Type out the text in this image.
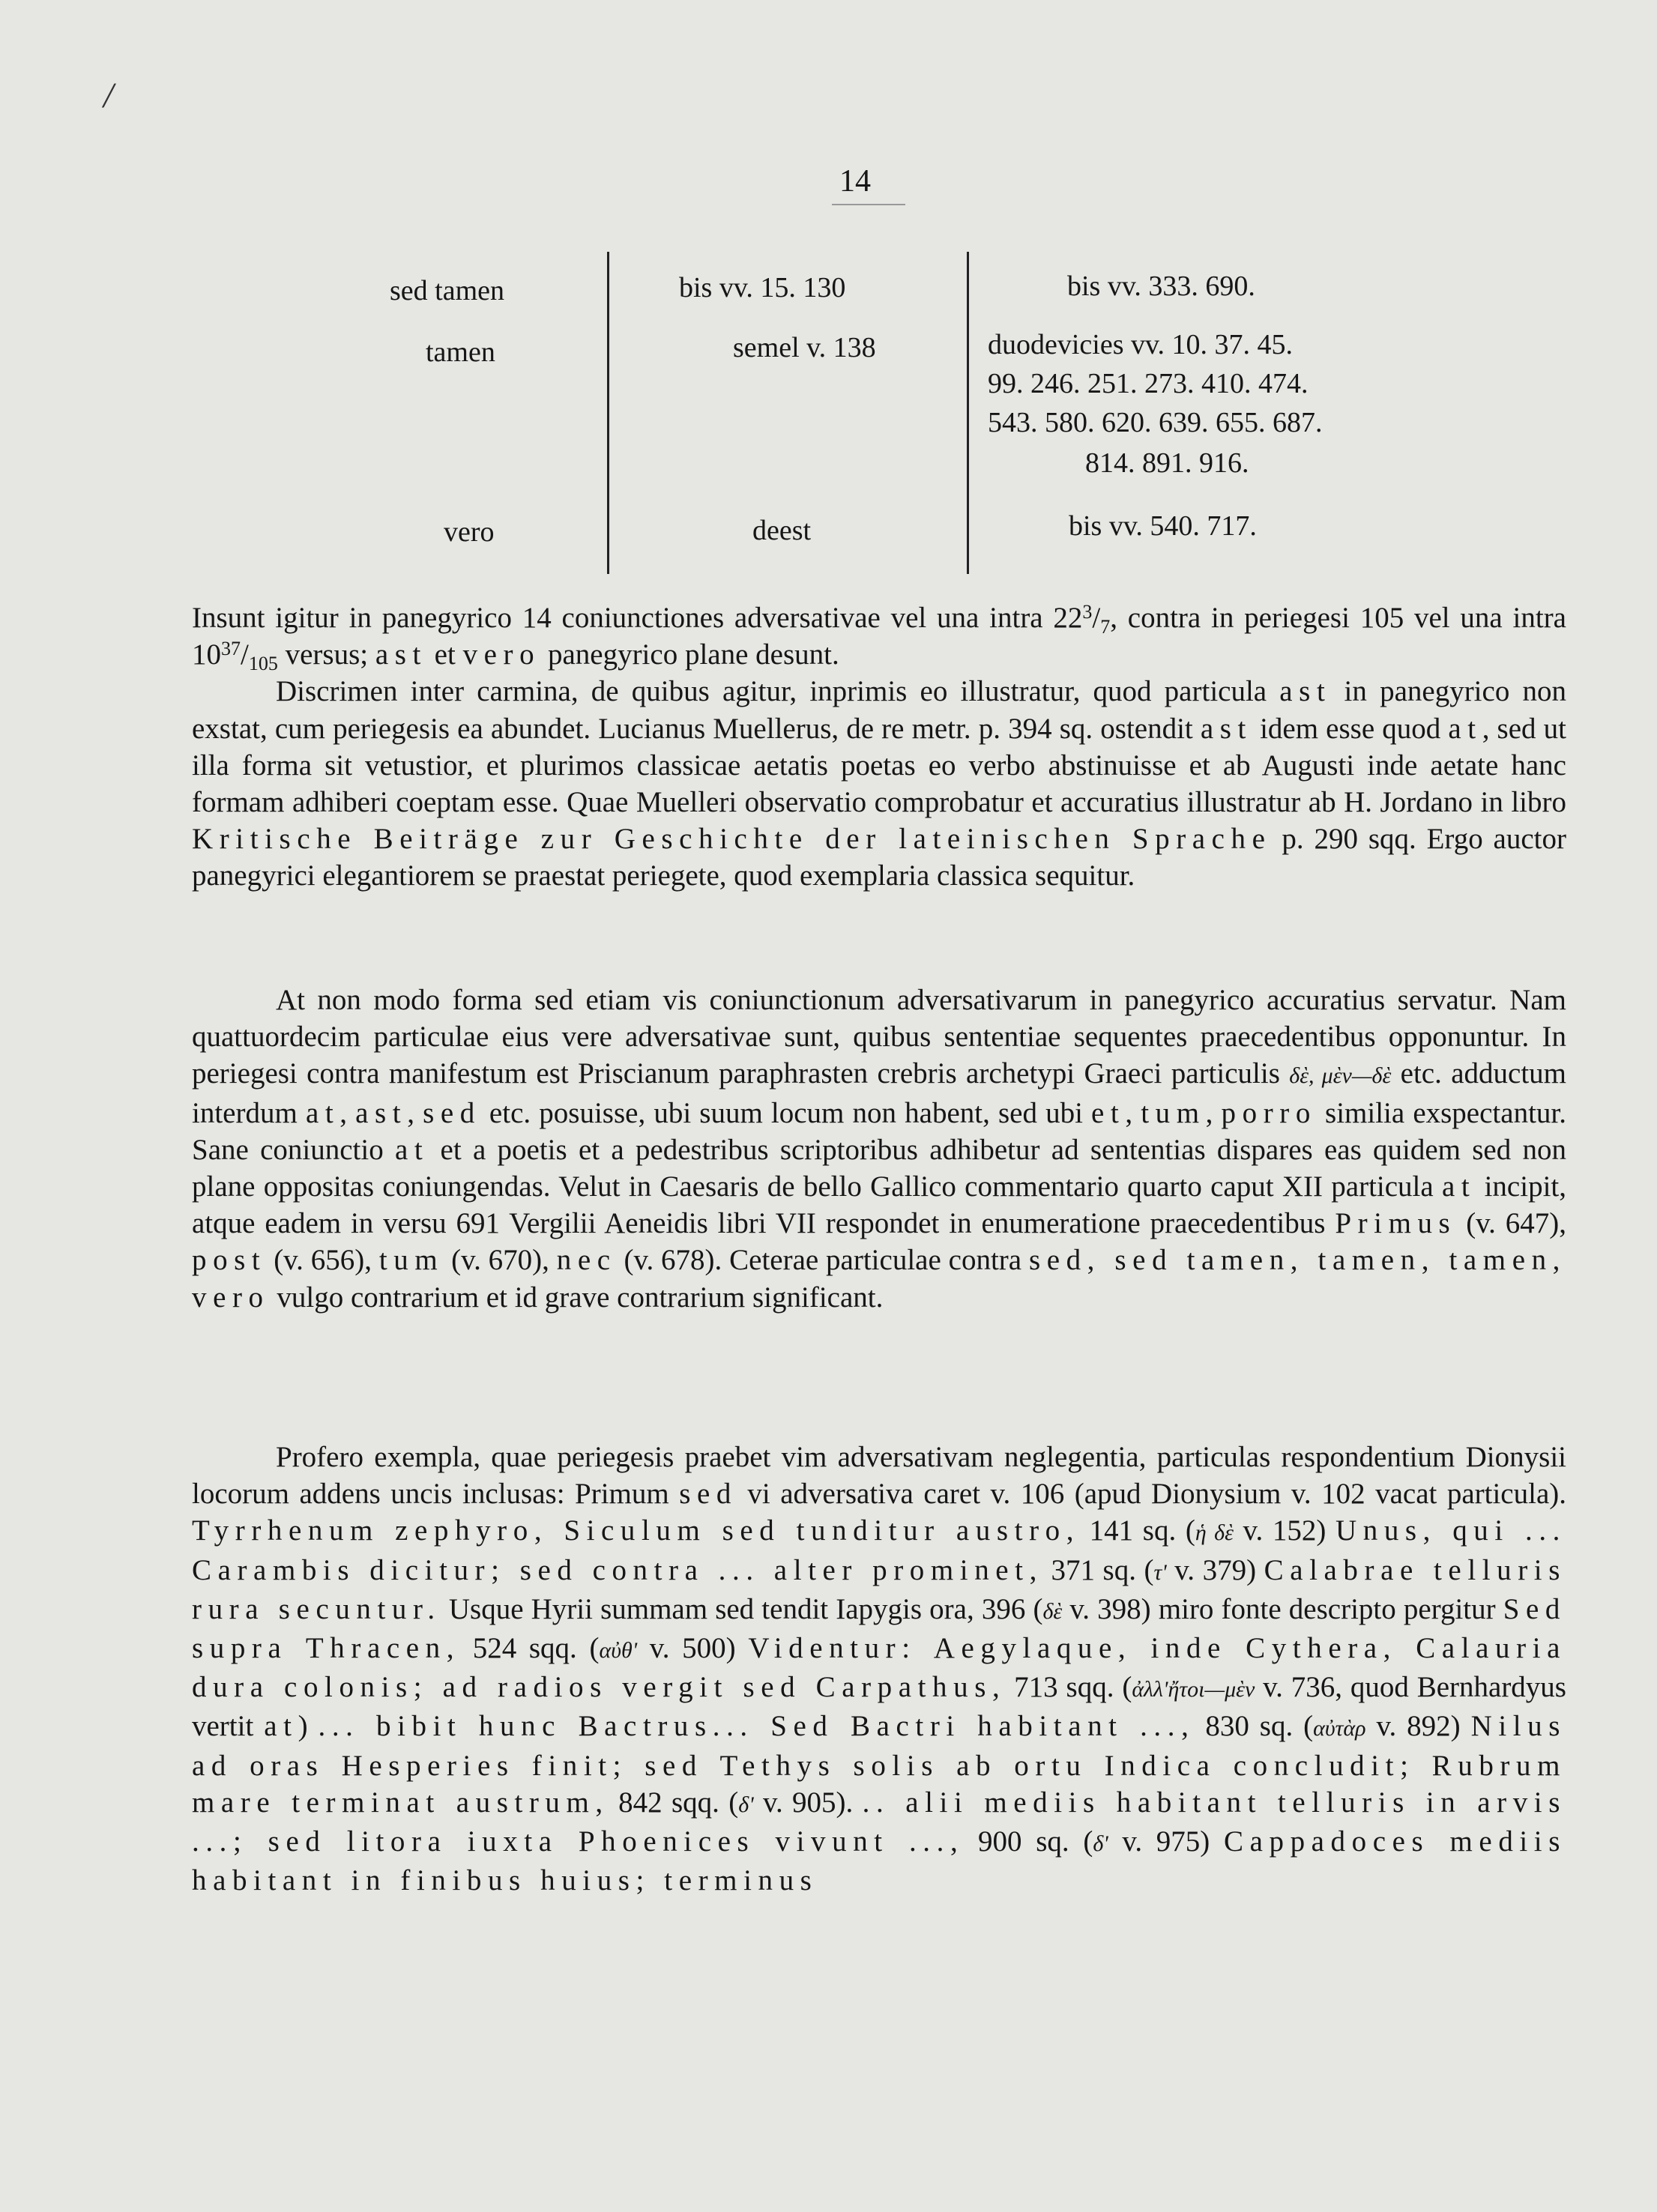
/
14
sed tamen	bis vv. 15. 130	bis vv. 333. 690.
tamen	semel v. 138	duodevicies vv. 10. 37. 45.
99. 246. 251. 273. 410. 474.
543. 580. 620. 639. 655. 687.
814. 891. 916.
vero	deest	bis vv. 540. 717.

Insunt igitur in panegyrico 14 coniunctiones adversativae vel una intra $22^3/_7$, contra in periegesi 105 vel una intra $10^{37}/_{105}$ versus; ast et vero panegyrico plane desunt.

Discrimen inter carmina, de quibus agitur, inprimis eo illustratur, quod particula ast in panegyrico non exstat, cum periegesis ea abundet. Lucianus Muellerus, de re metr. p. 394 sq. ostendit ast idem esse quod at, sed ut illa forma sit vetustior, et plurimos classicae aetatis poetas eo verbo abstinuisse et ab Augusti inde aetate hanc formam adhiberi coeptam esse. Quae Muelleri observatio comprobatur et accuratius illustratur ab H. Jordano in libro Kritische Beiträge zur Geschichte der lateinischen Sprache p. 290 sqq. Ergo auctor panegyrici elegantiorem se praestat periegete, quod exemplaria classica sequitur.

At non modo forma sed etiam vis coniunctionum adversativarum in panegyrico accuratius servatur. Nam quattuordecim particulae eius vere adversativae sunt, quibus sententiae sequentes praecedentibus opponuntur. In periegesi contra manifestum est Priscianum paraphrasten crebris archetypi Graeci particulis δὲ, μὲν—δὲ etc. adductum interdum at, ast, sed etc. posuisse, ubi suum locum non habent, sed ubi et, tum, porro similia exspectantur. Sane coniunctio at et a poetis et a pedestribus scriptoribus adhibetur ad sententias dispares eas quidem sed non plane oppositas coniungendas. Velut in Caesaris de bello Gallico commentario quarto caput XII particula at incipit, atque eadem in versu 691 Vergilii Aeneidis libri VII respondet in enumeratione praecedentibus Primus (v. 647), post (v. 656), tum (v. 670), nec (v. 678). Ceterae particulae contra sed, sed tamen, tamen, tamen, vero vulgo contrarium et id grave contrarium significant.

Profero exempla, quae periegesis praebet vim adversativam neglegentia, particulas respondentium Dionysii locorum addens uncis inclusas: Primum sed vi adversativa caret v. 106 (apud Dionysium v. 102 vacat particula). Tyrrhenum zephyro, Siculum sed tunditur austro, 141 sq. (ἡ δὲ v. 152) Unus, qui ... Carambis dicitur; sed contra ... alter prominet, 371 sq. (τ' v. 379) Calabrae telluris rura secuntur. Usque Hyrii summam sed tendit Iapygis ora, 396 (δὲ v. 398) miro fonte descripto pergitur Sed supra Thracen, 524 sqq. (αὐθ' v. 500) Videntur: Aegylaque, inde Cythera, Calauria dura colonis; ad radios vergit sed Carpathus, 713 sqq. (ἀλλ'ἤτοι—μὲν v. 736, quod Bernhardyus vertit at) ... bibit hunc Bactrus... Sed Bactri habitant ..., 830 sq. (αὐτὰρ v. 892) Nilus ad oras Hesperies finit; sed Tethys solis ab ortu Indica concludit; Rubrum mare terminat austrum, 842 sqq. (δ' v. 905). .. alii mediis habitant telluris in arvis ...; sed litora iuxta Phoenices vivunt ..., 900 sq. (δ' v. 975) Cappadoces mediis habitant in finibus huius; terminus
